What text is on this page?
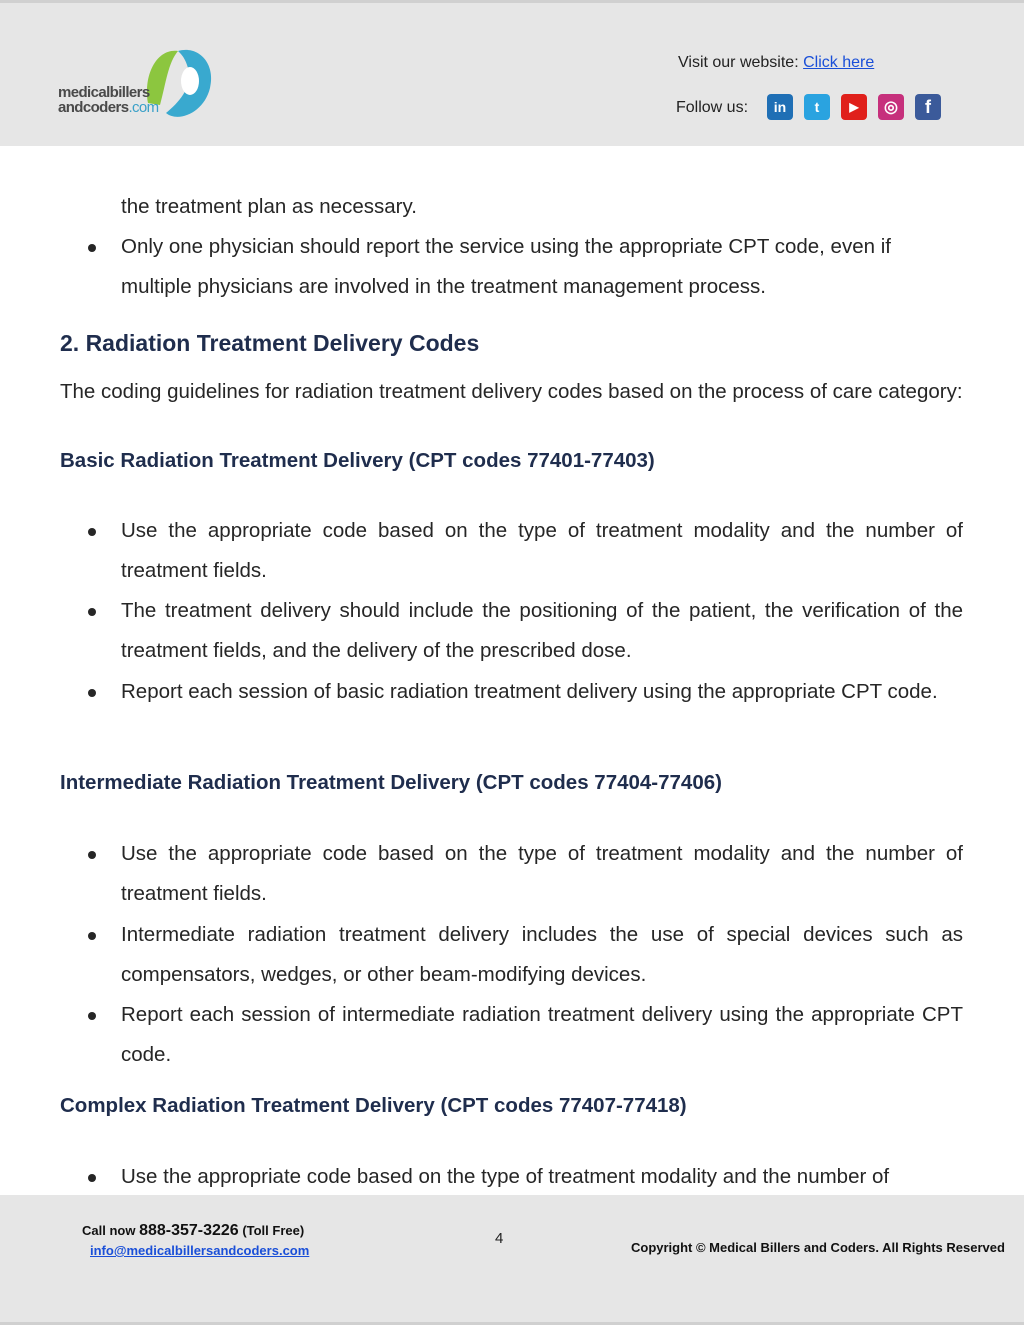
medicalbillers
andcoders.com
Visit our website: Click here
Follow us:	in	t	▶	◎	f
the treatment plan as necessary.
Only one physician should report the service using the appropriate CPT code, even if
multiple physicians are involved in the treatment management process.
2. Radiation Treatment Delivery Codes
The coding guidelines for radiation treatment delivery codes based on the process of care category:
Basic Radiation Treatment Delivery (CPT codes 77401-77403)
Use the appropriate code based on the type of treatment modality and the number of treatment fields.
The treatment delivery should include the positioning of the patient, the verification of the treatment fields, and the delivery of the prescribed dose.
Report each session of basic radiation treatment delivery using the appropriate CPT code.
Intermediate Radiation Treatment Delivery (CPT codes 77404-77406)
Use the appropriate code based on the type of treatment modality and the number of treatment fields.
Intermediate radiation treatment delivery includes the use of special devices such as compensators, wedges, or other beam-modifying devices.
Report each session of intermediate radiation treatment delivery using the appropriate CPT code.
Complex Radiation Treatment Delivery (CPT codes 77407-77418)
Use the appropriate code based on the type of treatment modality and the number of
Call now 888-357-3226 (Toll Free)
info@medicalbillersandcoders.com
4
Copyright © Medical Billers and Coders. All Rights Reserved
